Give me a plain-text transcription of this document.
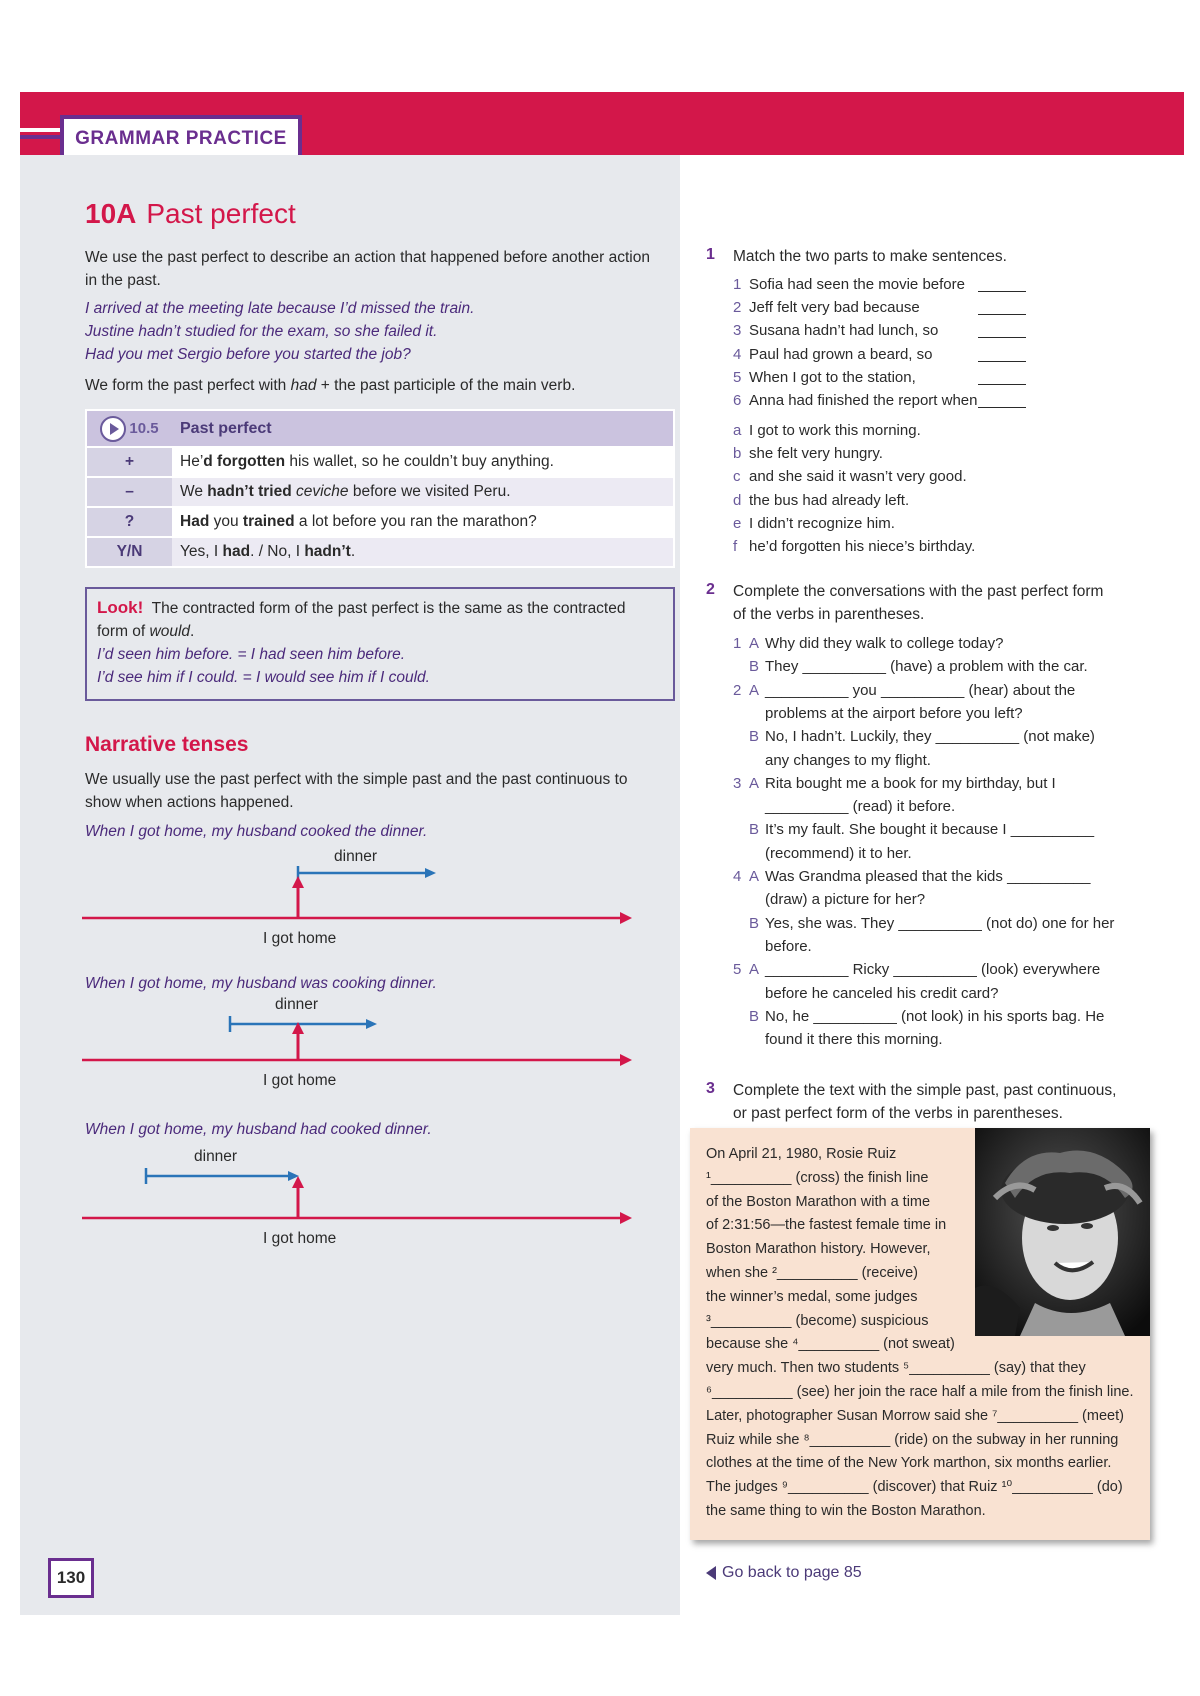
GRAMMAR PRACTICE
10A Past perfect
We use the past perfect to describe an action that happened before another action
in the past.
I arrived at the meeting late because I’d missed the train.
Justine hadn’t studied for the exam, so she failed it.
Had you met Sergio before you started the job?
We form the past perfect with had + the past participle of the main verb.
10.5	Past perfect
+	He’d forgotten his wallet, so he couldn’t buy anything.
–	We hadn’t tried ceviche before we visited Peru.
?	Had you trained a lot before you ran the marathon?
Y/N	Yes, I had. / No, I hadn’t.
Look! The contracted form of the past perfect is the same as the contracted
form of would.
I’d seen him before. = I had seen him before.
I’d see him if I could. = I would see him if I could.
Narrative tenses
We usually use the past perfect with the simple past and the past continuous to
show when actions happened.
When I got home, my husband cooked the dinner.
dinner
I got home
When I got home, my husband was cooking dinner.
dinner
I got home
When I got home, my husband had cooked dinner.
dinner
I got home
130
1 Match the two parts to make sentences.
1 Sofia had seen the movie before
2 Jeff felt very bad because
3 Susana hadn’t had lunch, so
4 Paul had grown a beard, so
5 When I got to the station,
6 Anna had finished the report when
a I got to work this morning.
b she felt very hungry.
c and she said it wasn’t very good.
d the bus had already left.
e I didn’t recognize him.
f he’d forgotten his niece’s birthday.
2 Complete the conversations with the past perfect form
of the verbs in parentheses.
1 A Why did they walk to college today?
B They __________ (have) a problem with the car.
2 A __________ you __________ (hear) about the
problems at the airport before you left?
B No, I hadn’t. Luckily, they __________ (not make)
any changes to my flight.
3 A Rita bought me a book for my birthday, but I
__________ (read) it before.
B It’s my fault. She bought it because I __________
(recommend) it to her.
4 A Was Grandma pleased that the kids __________
(draw) a picture for her?
B Yes, she was. They __________ (not do) one for her
before.
5 A __________ Ricky __________ (look) everywhere
before he canceled his credit card?
B No, he __________ (not look) in his sports bag. He
found it there this morning.
3 Complete the text with the simple past, past continuous,
or past perfect form of the verbs in parentheses.
On April 21, 1980, Rosie Ruiz
¹__________ (cross) the finish line
of the Boston Marathon with a time
of 2:31:56—the fastest female time in
Boston Marathon history. However,
when she ²__________ (receive)
the winner’s medal, some judges
³__________ (become) suspicious
because she ⁴__________ (not sweat)
very much. Then two students ⁵__________ (say) that they
⁶__________ (see) her join the race half a mile from the finish line.
Later, photographer Susan Morrow said she ⁷__________ (meet)
Ruiz while she ⁸__________ (ride) on the subway in her running
clothes at the time of the New York marthon, six months earlier.
The judges ⁹__________ (discover) that Ruiz ¹⁰__________ (do)
the same thing to win the Boston Marathon.
Go back to page 85
